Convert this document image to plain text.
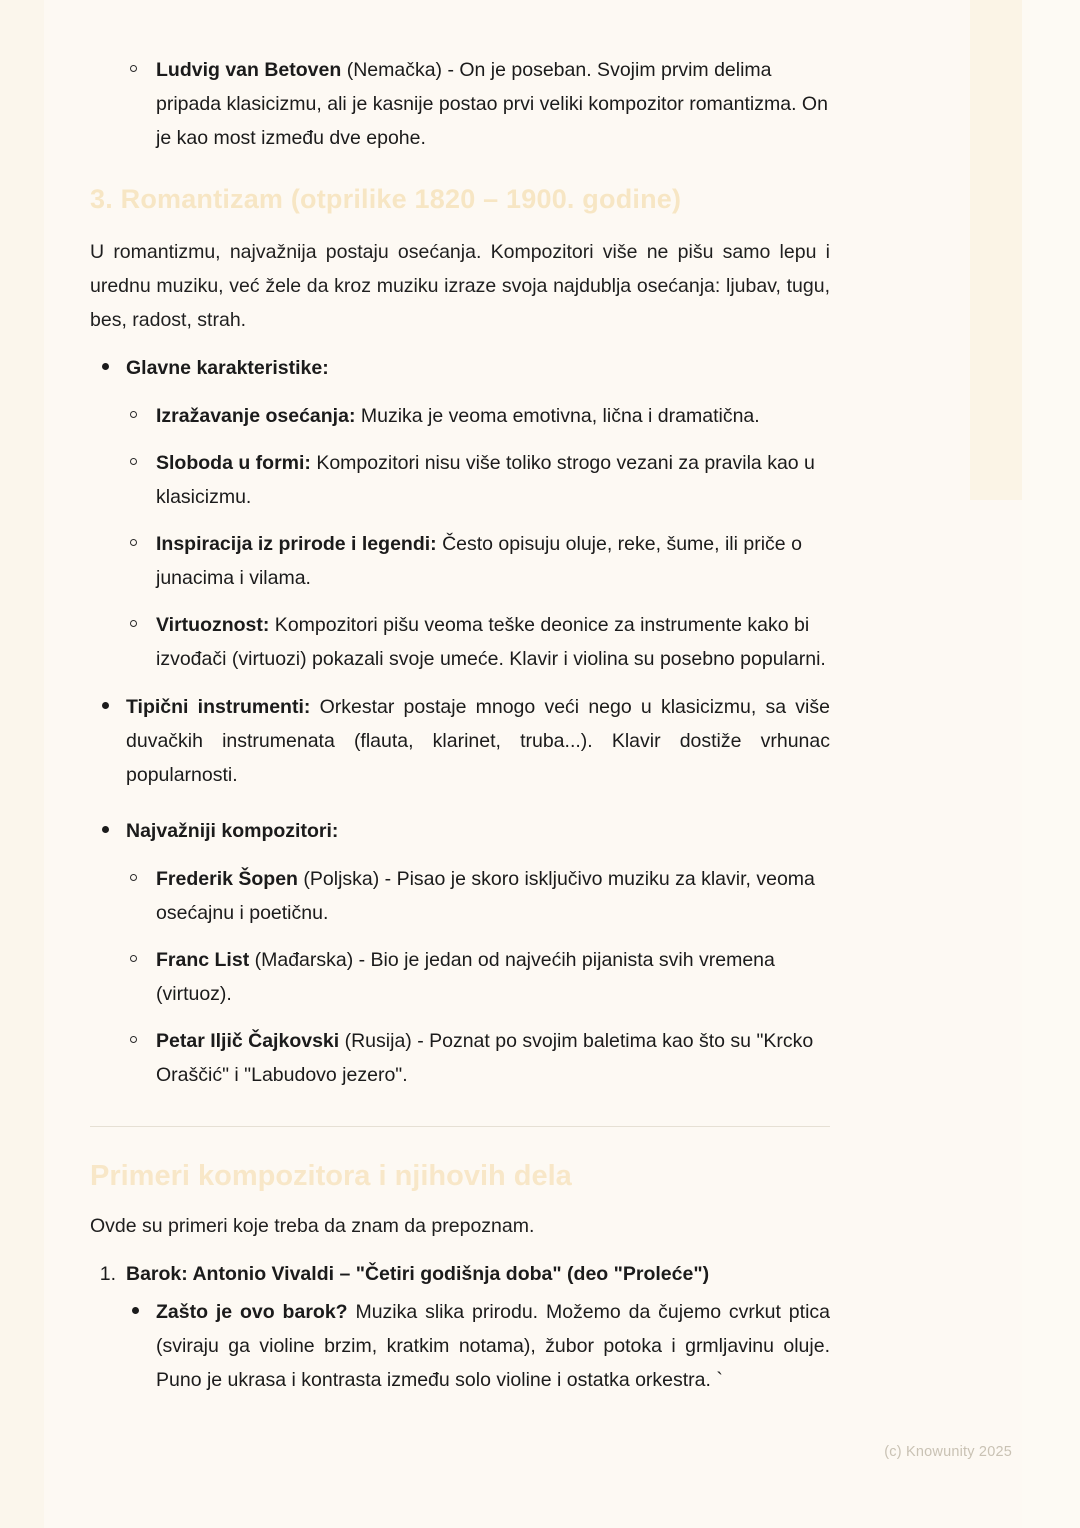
Ludvig van Betoven (Nemačka) - On je poseban. Svojim prvim delima pripada klasicizmu, ali je kasnije postao prvi veliki kompozitor romantizma. On je kao most između dve epohe.
3. Romantizam (otprilike 1820 – 1900. godine)

U romantizmu, najvažnija postaju osećanja. Kompozitori više ne pišu samo lepu i urednu muziku, već žele da kroz muziku izraze svoja najdublja osećanja: ljubav, tugu, bes, radost, strah.

Glavne karakteristike:
Izražavanje osećanja: Muzika je veoma emotivna, lična i dramatična.
Sloboda u formi: Kompozitori nisu više toliko strogo vezani za pravila kao u klasicizmu.
Inspiracija iz prirode i legendi: Često opisuju oluje, reke, šume, ili priče o junacima i vilama.
Virtuoznost: Kompozitori pišu veoma teške deonice za instrumente kako bi izvođači (virtuozi) pokazali svoje umeće. Klavir i violina su posebno popularni.
Tipični instrumenti: Orkestar postaje mnogo veći nego u klasicizmu, sa više duvačkih instrumenata (flauta, klarinet, truba...). Klavir dostiže vrhunac popularnosti.
Najvažniji kompozitori:
Frederik Šopen (Poljska) - Pisao je skoro isključivo muziku za klavir, veoma osećajnu i poetičnu.
Franc List (Mađarska) - Bio je jedan od najvećih pijanista svih vremena (virtuoz).
Petar Iljič Čajkovski (Rusija) - Poznat po svojim baletima kao što su "Krcko Oraščić" i "Labudovo jezero".
Primeri kompozitora i njihovih dela

Ovde su primeri koje treba da znam da prepoznam.

1. Barok: Antonio Vivaldi – "Četiri godišnja doba" (deo "Proleće")
Zašto je ovo barok? Muzika slika prirodu. Možemo da čujemo cvrkut ptica (sviraju ga violine brzim, kratkim notama), žubor potoka i grmljavinu oluje. Puno je ukrasa i kontrasta između solo violine i ostatka orkestra. `
(c) Knowunity 2025
